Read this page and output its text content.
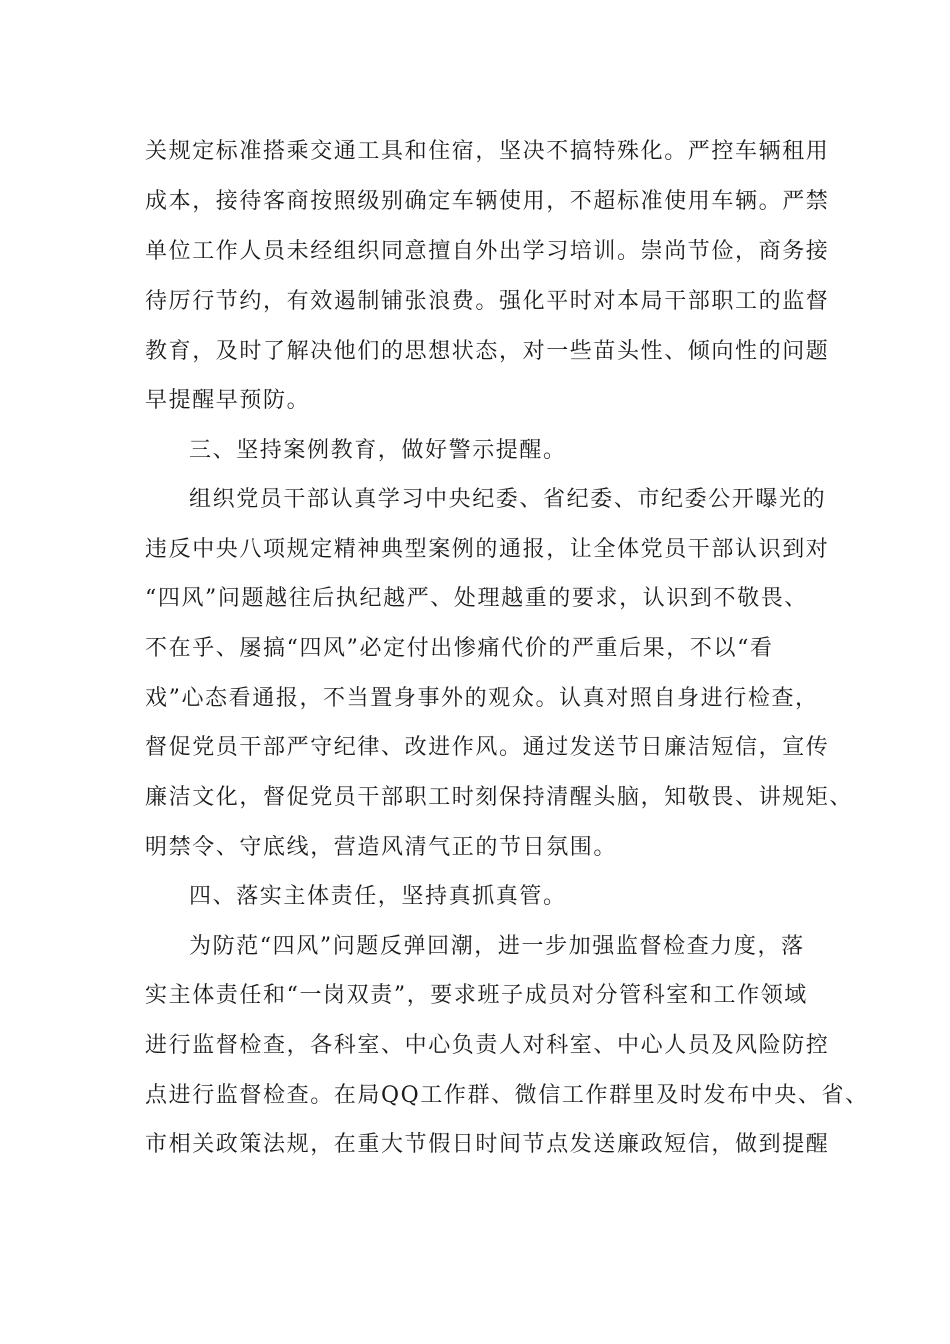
关规定标准搭乘交通工具和住宿，坚决不搞特殊化。严控车辆租用
成本，接待客商按照级别确定车辆使用，不超标准使用车辆。严禁
单位工作人员未经组织同意擅自外出学习培训。崇尚节俭，商务接
待厉行节约，有效遏制铺张浪费。强化平时对本局干部职工的监督
教育，及时了解决他们的思想状态，对一些苗头性、倾向性的问题
早提醒早预防。
三、坚持案例教育，做好警示提醒。
组织党员干部认真学习中央纪委、省纪委、市纪委公开曝光的
违反中央八项规定精神典型案例的通报，让全体党员干部认识到对
“四风”问题越往后执纪越严、处理越重的要求，认识到不敬畏、
不在乎、屡搞“四风”必定付出惨痛代价的严重后果，不以“看
戏”心态看通报，不当置身事外的观众。认真对照自身进行检查，
督促党员干部严守纪律、改进作风。通过发送节日廉洁短信，宣传
廉洁文化，督促党员干部职工时刻保持清醒头脑，知敬畏、讲规矩、
明禁令、守底线，营造风清气正的节日氛围。
四、落实主体责任，坚持真抓真管。
为防范“四风”问题反弹回潮，进一步加强监督检查力度，落
实主体责任和“一岗双责”，要求班子成员对分管科室和工作领域
进行监督检查，各科室、中心负责人对科室、中心人员及风险防控
点进行监督检查。在局QQ工作群、微信工作群里及时发布中央、省、
市相关政策法规，在重大节假日时间节点发送廉政短信，做到提醒
